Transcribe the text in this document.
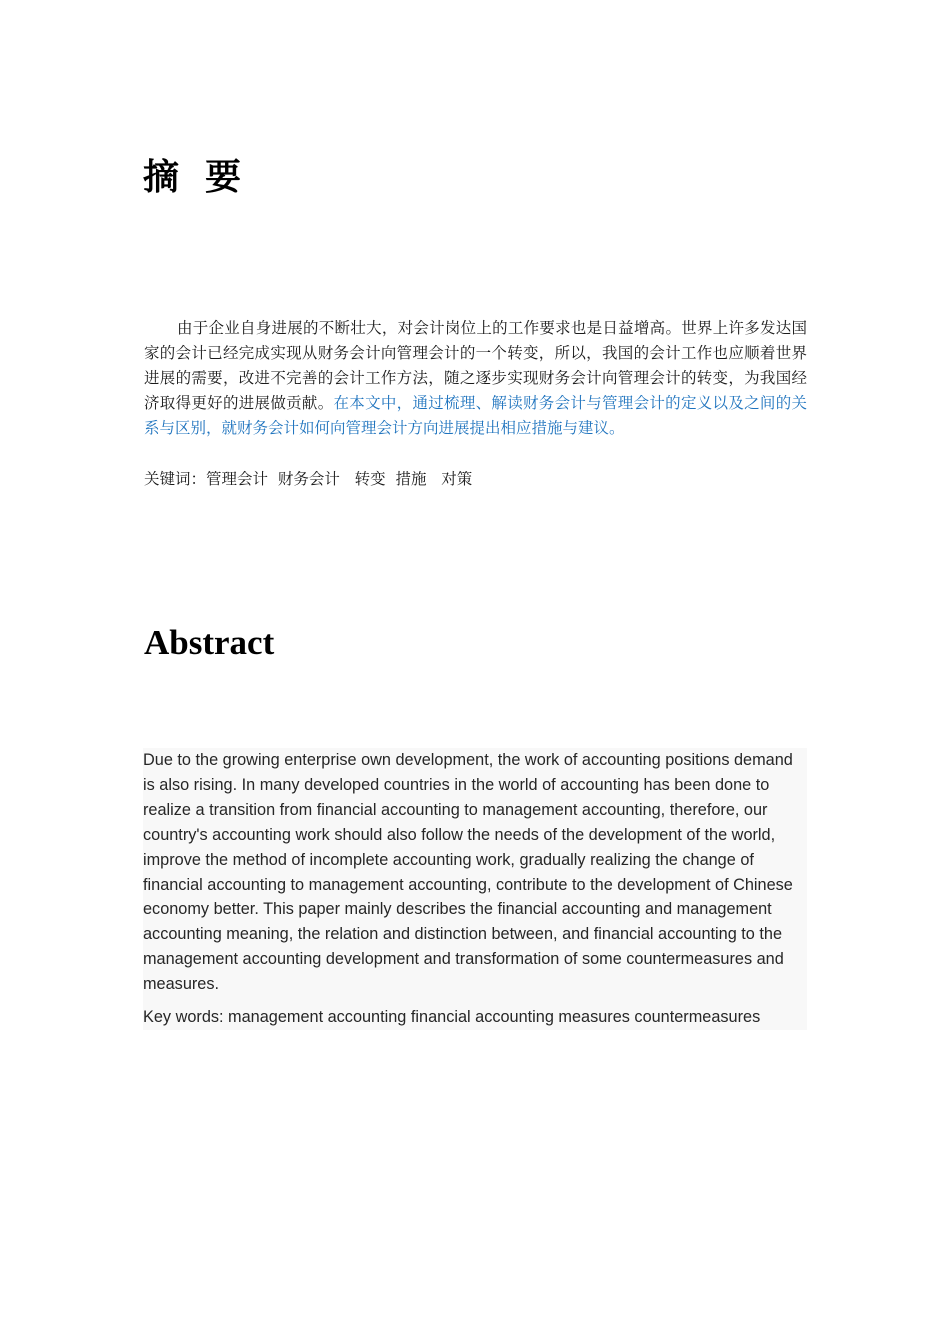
摘 要

由于企业自身进展的不断壮大，对会计岗位上的工作要求也是日益增高。世界上许多发达国家的会计已经完成实现从财务会计向管理会计的一个转变，所以，我国的会计工作也应顺着世界进展的需要，改进不完善的会计工作方法，随之逐步实现财务会计向管理会计的转变，为我国经济取得更好的进展做贡献。在本文中，通过梳理、解读财务会计与管理会计的定义以及之间的关系与区别，就财务会计如何向管理会计方向进展提出相应措施与建议。

关键词：管理会计  财务会计   转变  措施   对策

Abstract

Due to the growing enterprise own development, the work of accounting positions demand is also rising. In many developed countries in the world of accounting has been done to realize a transition from financial accounting to management accounting, therefore, our country's accounting work should also follow the needs of the development of the world, improve the method of incomplete accounting work, gradually realizing the change of financial accounting to management accounting, contribute to the development of Chinese economy better. This paper mainly describes the financial accounting and management accounting meaning, the relation and distinction between, and financial accounting to the management accounting development and transformation of some countermeasures and measures.

Key words: management accounting financial accounting measures countermeasures
